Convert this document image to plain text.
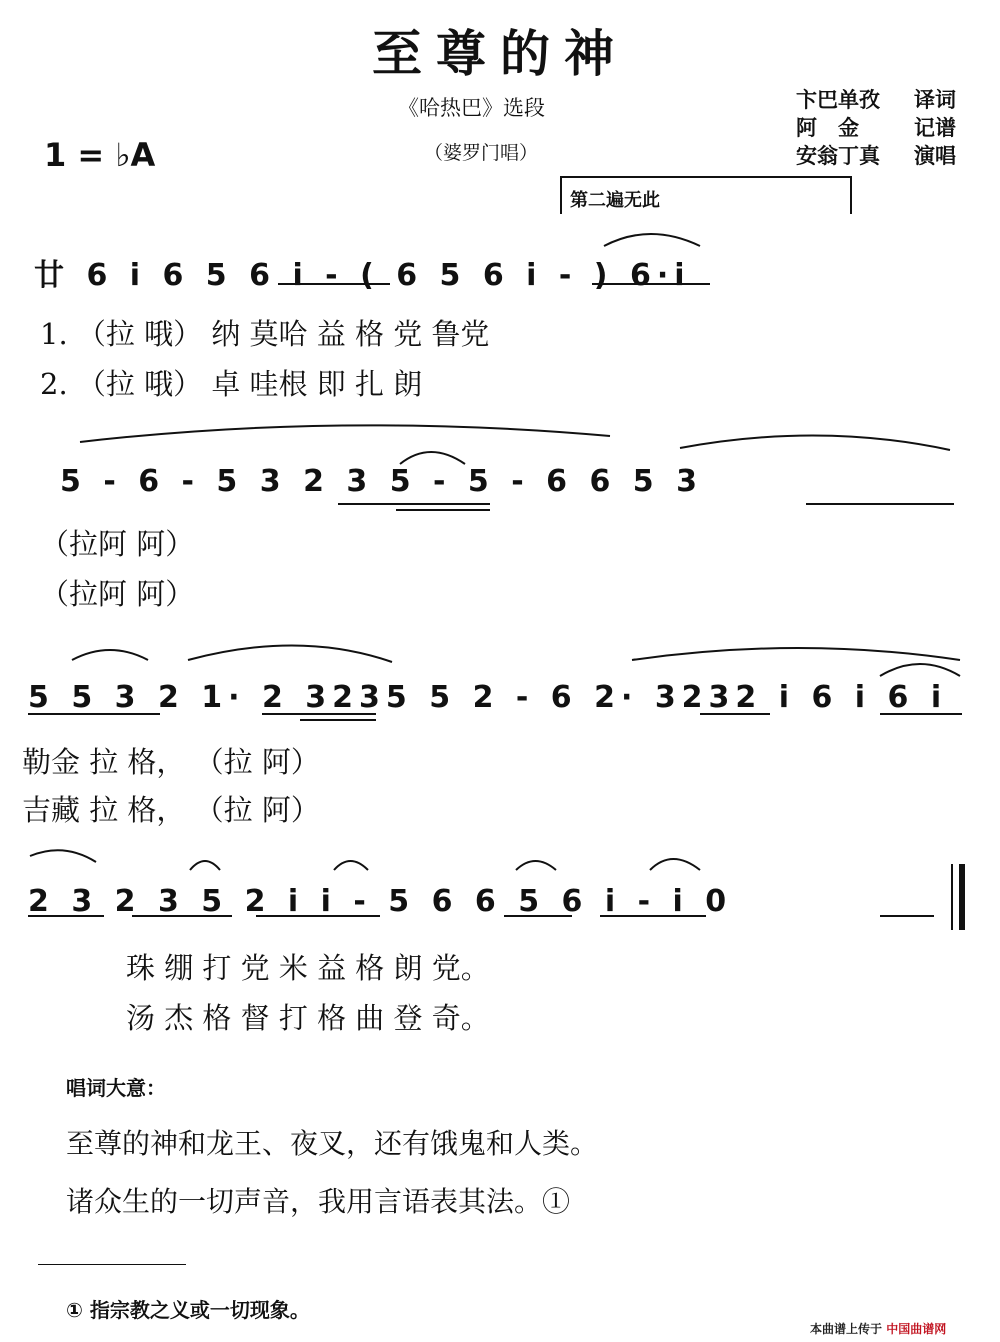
至尊的神
《哈热巴》选段
（婆罗门唱）
1 = ♭A
卞巴单孜 译词
阿　金	记谱
安翁丁真 演唱
第二遍无此
廿 6 i 6 5 6 i - ( 6 5 6 i - ) 6·i
1. （拉 哦） 纳 莫哈 益 格 党 鲁党
2. （拉 哦） 卓 哇根 即 扎 朗
5 - 6 - 5 3 2 3 5 - 5 - 6 6 5 3
（拉阿 阿）
（拉阿 阿）
5 5 3 2 1· 2 3235 5 2 - 6 2· 3232 i 6 i 6 i
勒金 拉 格， （拉 阿）
吉藏 拉 格， （拉 阿）
2 3 2 3 5 2 i i - 5 6 6 5 6 i - i 0
珠 绷 打 党 米 益 格 朗 党。
汤 杰 格 督 打 格 曲 登 奇。
唱词大意：
至尊的神和龙王、夜叉，还有饿鬼和人类。
诸众生的一切声音，我用言语表其法。①
① 指宗教之义或一切现象。
本曲谱上传于 中国曲谱网
